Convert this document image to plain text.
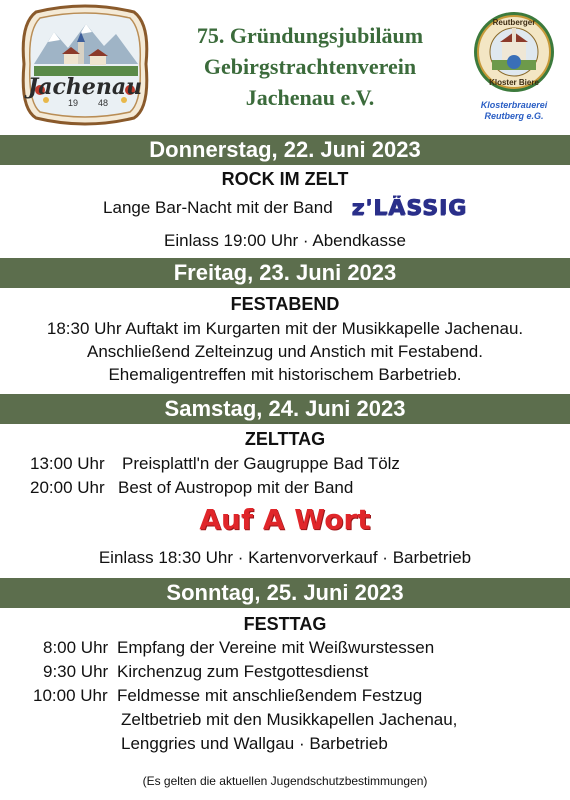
Jachenau
19 48
75. Gründungsjubiläum
Gebirgstrachtenverein
Jachenau e.V.
Reutberger
Kloster Biere
Klosterbrauerei
Reutberg e.G.
Donnerstag, 22. Juni 2023
ROCK IM ZELT
Lange Bar-Nacht mit der Band z'LÄSSIG
Einlass 19:00 Uhr · Abendkasse
Freitag, 23. Juni 2023
FESTABEND
18:30 Uhr Auftakt im Kurgarten mit der Musikkapelle Jachenau.
Anschließend Zelteinzug und Anstich mit Festabend.
Ehemaligentreffen mit historischem Barbetrieb.
Samstag, 24. Juni 2023
ZELTTAG
13:00 Uhr Preisplattl'n der Gaugruppe Bad Tölz
20:00 Uhr Best of Austropop mit der Band
Auf A Wort
Einlass 18:30 Uhr · Kartenvorverkauf · Barbetrieb
Sonntag, 25. Juni 2023
FESTTAG
8:00 Uhr Empfang der Vereine mit Weißwurstessen
9:30 Uhr Kirchenzug zum Festgottesdienst
10:00 Uhr Feldmesse mit anschließendem Festzug
Zeltbetrieb mit den Musikkapellen Jachenau,
Lenggries und Wallgau · Barbetrieb
(Es gelten die aktuellen Jugendschutzbestimmungen)
